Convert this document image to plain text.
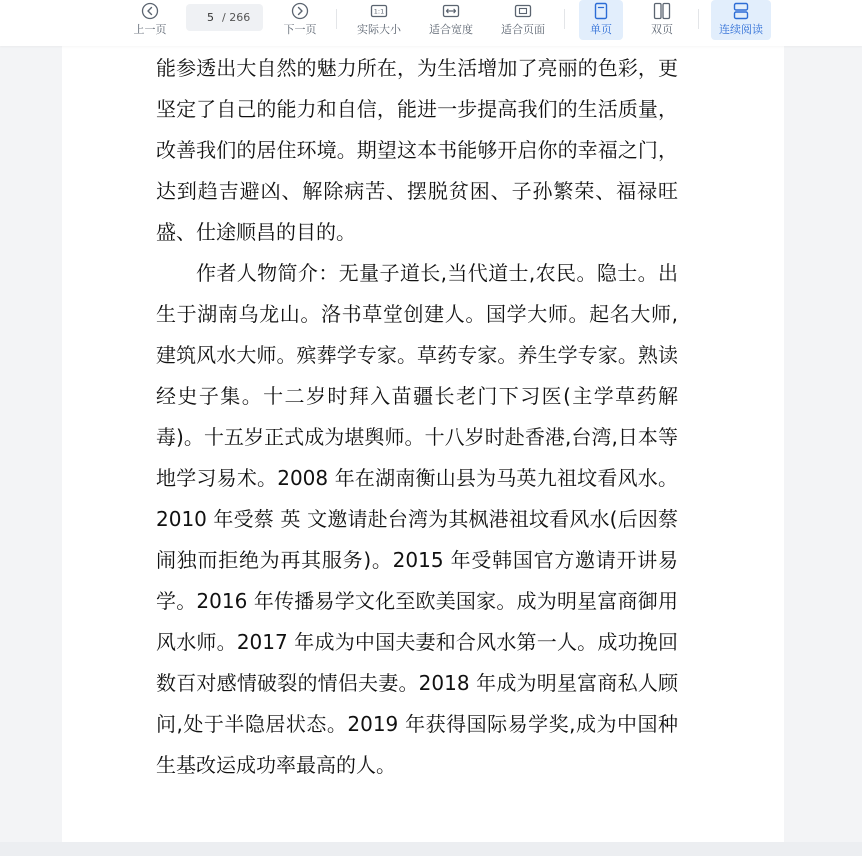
上一页
5 / 266
下一页
1:1
实际大小	适合宽度	适合页面	单页	双页	连续阅读

能参透出大自然的魅力所在，为生活增加了亮丽的色彩，更坚定了自己的能力和自信，能进一步提高我们的生活质量，改善我们的居住环境。期望这本书能够开启你的幸福之门，达到趋吉避凶、解除病苦、摆脱贫困、子孙繁荣、福禄旺盛、仕途顺昌的目的。

作者人物简介：无量子道长,当代道士,农民。隐士。出生于湖南乌龙山。洛书草堂创建人。国学大师。起名大师,建筑风水大师。殡葬学专家。草药专家。养生学专家。熟读经史子集。十二岁时拜入苗疆长老门下习医(主学草药解毒)。十五岁正式成为堪舆师。十八岁时赴香港,台湾,日本等地学习易术。2008 年在湖南衡山县为马英九祖坟看风水。2010 年受蔡 英 文邀请赴台湾为其枫港祖坟看风水(后因蔡闹独而拒绝为再其服务)。2015 年受韩国官方邀请开讲易学。2016 年传播易学文化至欧美国家。成为明星富商御用风水师。2017 年成为中国夫妻和合风水第一人。成功挽回数百对感情破裂的情侣夫妻。2018 年成为明星富商私人顾问,处于半隐居状态。2019 年获得国际易学奖,成为中国种生基改运成功率最高的人。
